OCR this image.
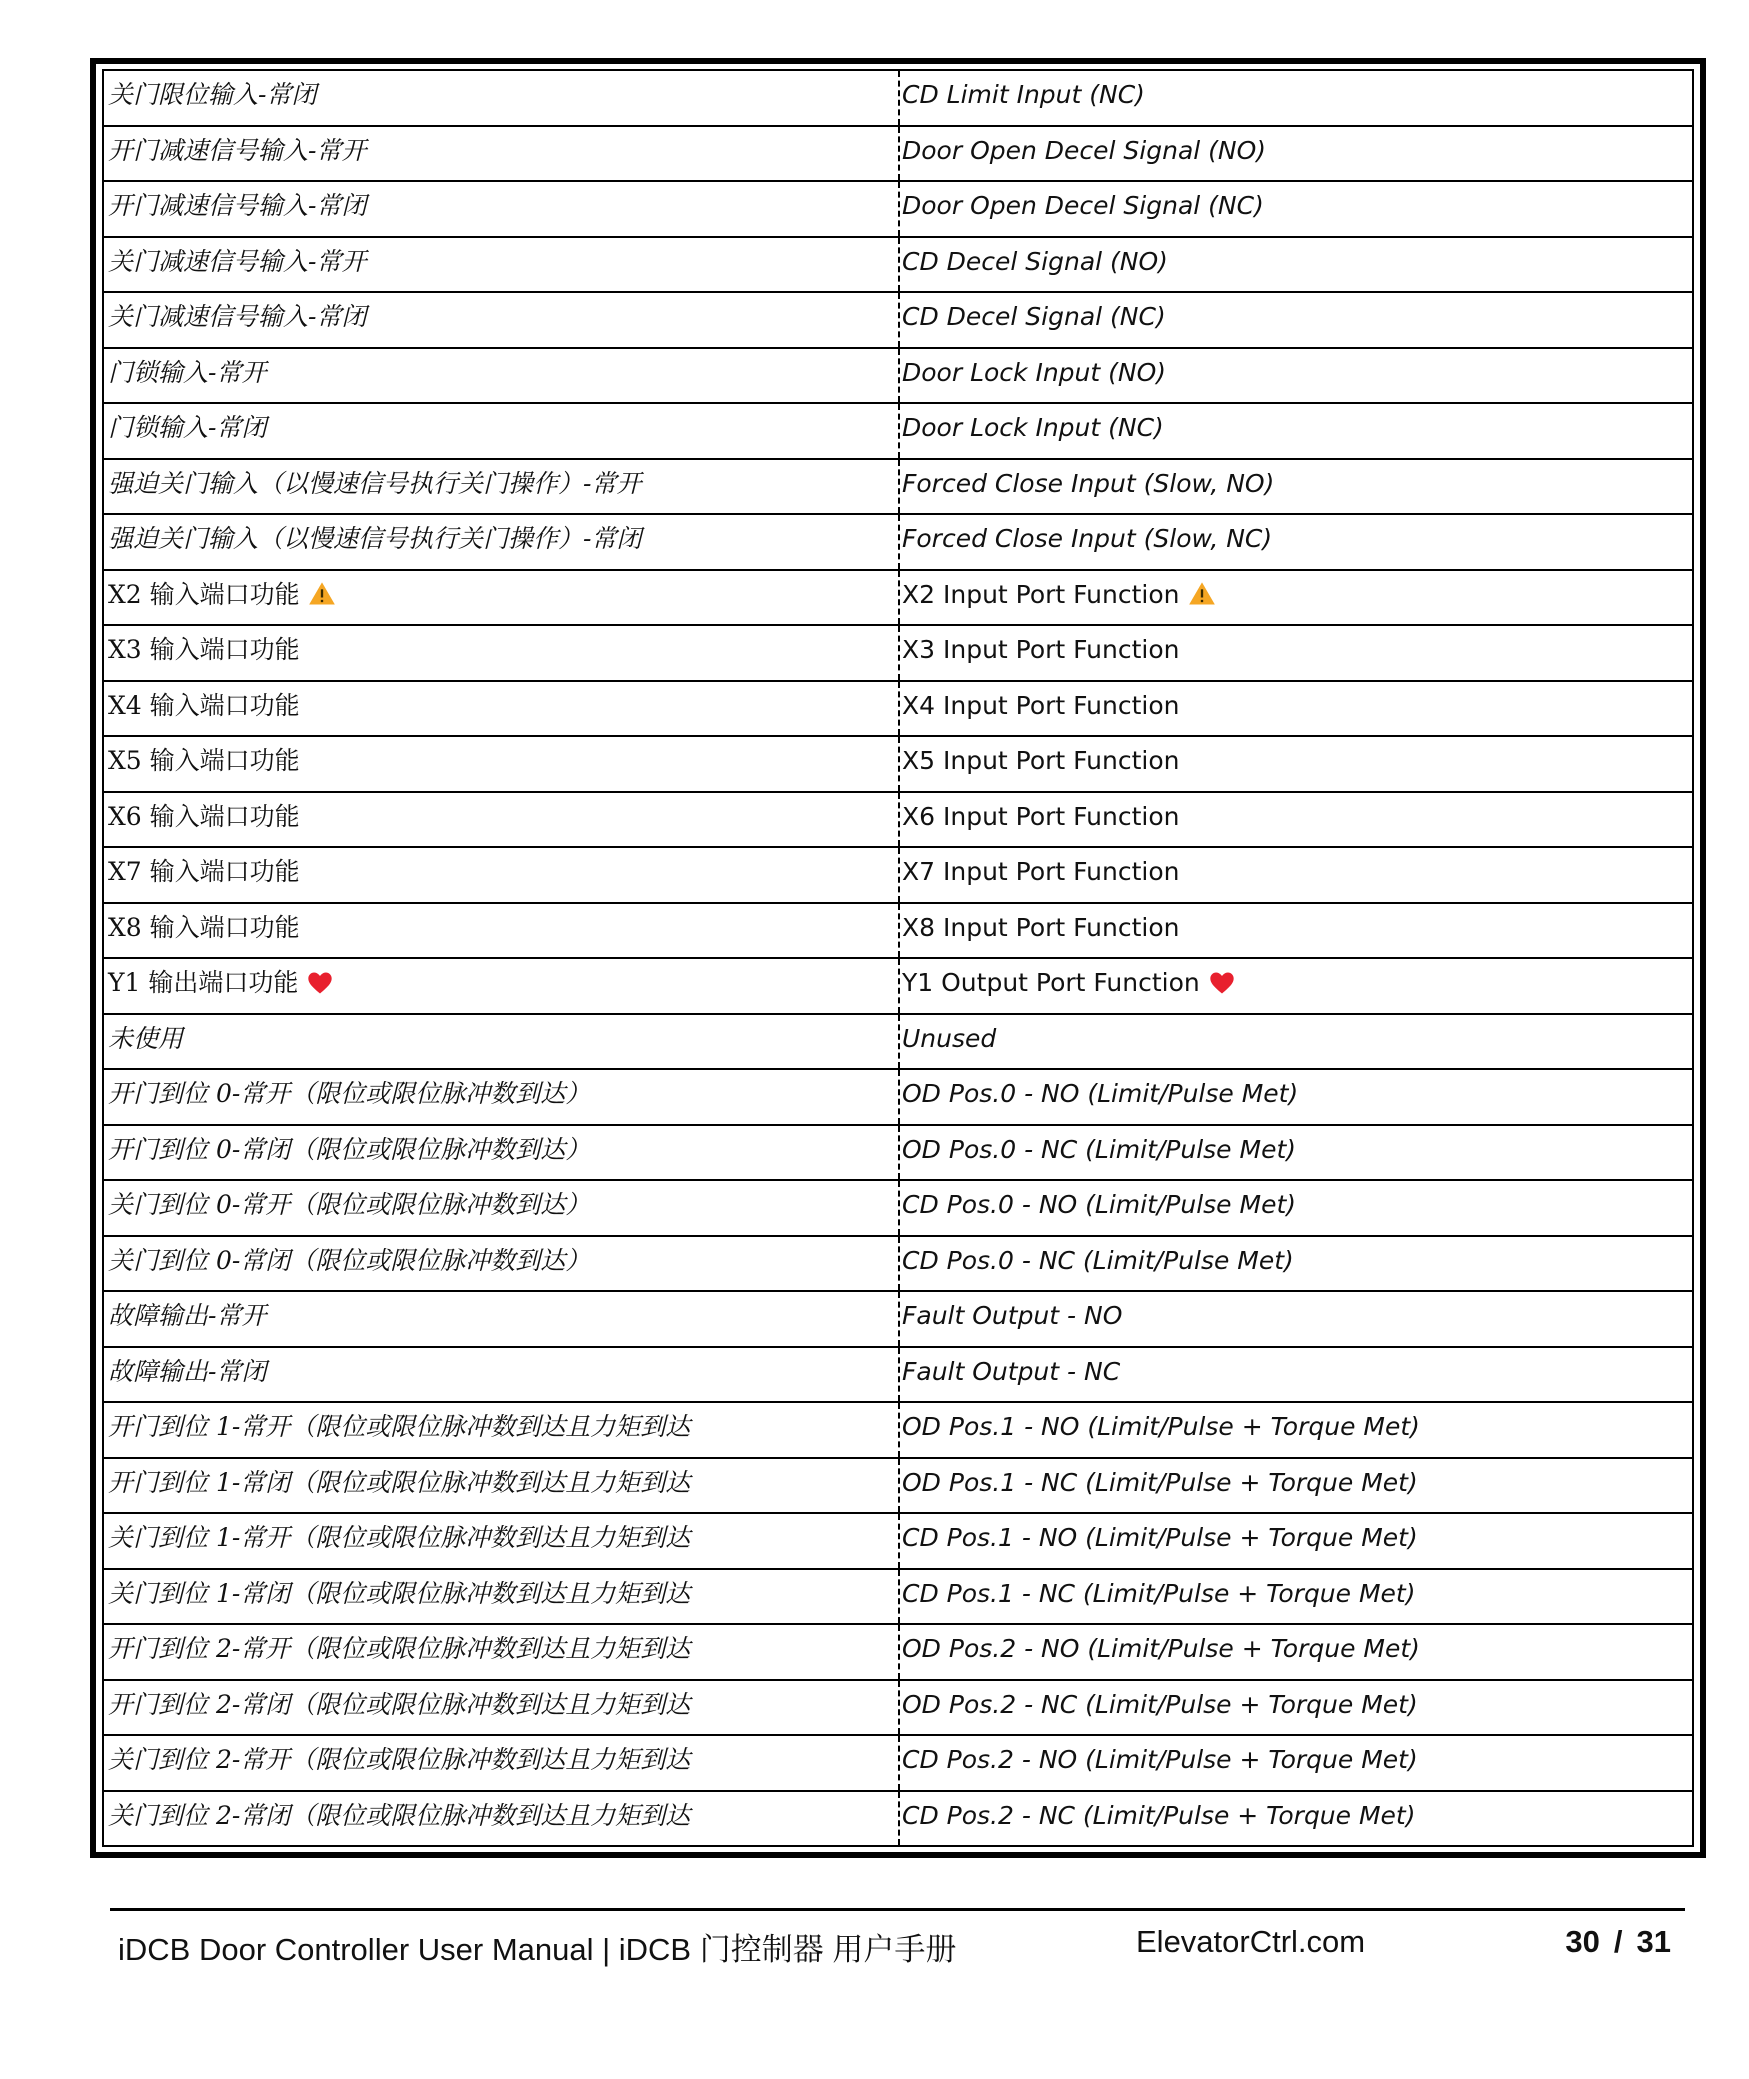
关门限位输入-常闭	CD Limit Input (NC)
开门减速信号输入-常开	Door Open Decel Signal (NO)
开门减速信号输入-常闭	Door Open Decel Signal (NC)
关门减速信号输入-常开	CD Decel Signal (NO)
关门减速信号输入-常闭	CD Decel Signal (NC)
门锁输入-常开	Door Lock Input (NO)
门锁输入-常闭	Door Lock Input (NC)
强迫关门输入（以慢速信号执行关门操作）-常开	Forced Close Input (Slow, NO)
强迫关门输入（以慢速信号执行关门操作）-常闭	Forced Close Input (Slow, NC)
X2 输入端口功能	X2 Input Port Function
X3 输入端口功能	X3 Input Port Function
X4 输入端口功能	X4 Input Port Function
X5 输入端口功能	X5 Input Port Function
X6 输入端口功能	X6 Input Port Function
X7 输入端口功能	X7 Input Port Function
X8 输入端口功能	X8 Input Port Function
Y1 输出端口功能	Y1 Output Port Function
未使用	Unused
开门到位 0-常开（限位或限位脉冲数到达）	OD Pos.0 - NO (Limit/Pulse Met)
开门到位 0-常闭（限位或限位脉冲数到达）	OD Pos.0 - NC (Limit/Pulse Met)
关门到位 0-常开（限位或限位脉冲数到达）	CD Pos.0 - NO (Limit/Pulse Met)
关门到位 0-常闭（限位或限位脉冲数到达）	CD Pos.0 - NC (Limit/Pulse Met)
故障输出-常开	Fault Output - NO
故障输出-常闭	Fault Output - NC
开门到位 1-常开（限位或限位脉冲数到达且力矩到达	OD Pos.1 - NO (Limit/Pulse + Torque Met)
开门到位 1-常闭（限位或限位脉冲数到达且力矩到达	OD Pos.1 - NC (Limit/Pulse + Torque Met)
关门到位 1-常开（限位或限位脉冲数到达且力矩到达	CD Pos.1 - NO (Limit/Pulse + Torque Met)
关门到位 1-常闭（限位或限位脉冲数到达且力矩到达	CD Pos.1 - NC (Limit/Pulse + Torque Met)
开门到位 2-常开（限位或限位脉冲数到达且力矩到达	OD Pos.2 - NO (Limit/Pulse + Torque Met)
开门到位 2-常闭（限位或限位脉冲数到达且力矩到达	OD Pos.2 - NC (Limit/Pulse + Torque Met)
关门到位 2-常开（限位或限位脉冲数到达且力矩到达	CD Pos.2 - NO (Limit/Pulse + Torque Met)
关门到位 2-常闭（限位或限位脉冲数到达且力矩到达	CD Pos.2 - NC (Limit/Pulse + Torque Met)
iDCB Door Controller User Manual | iDCB 门控制器 用户手册	ElevatorCtrl.com	30 / 31
